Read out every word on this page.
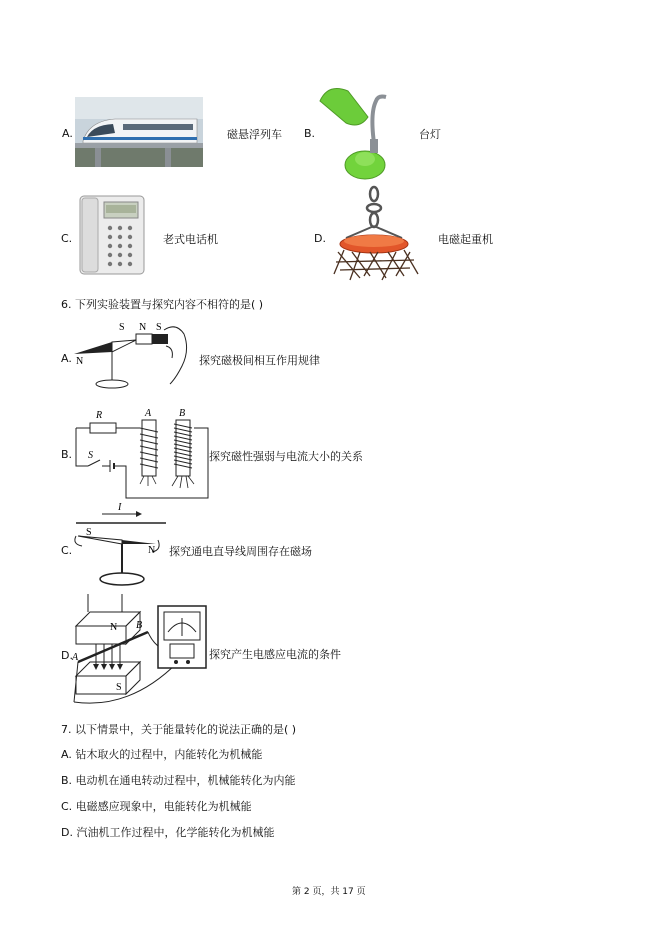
A.	磁悬浮列车 B.	台灯
C.	老式电话机	D.	电磁起重机
6. 下列实验装置与探究内容不相符的是( )
A.
S N S
N	探究磁极间相互作用规律
B.
R	A	B
S	探究磁性强弱与电流大小的关系
C.
I
S
N 探究通电直导线周围存在磁场
D.
N B
A
S
探究产生电感应电流的条件
7. 以下情景中，关于能量转化的说法正确的是( )
A. 钻木取火的过程中，内能转化为机械能
B. 电动机在通电转动过程中，机械能转化为内能
C. 电磁感应现象中，电能转化为机械能
D. 汽油机工作过程中，化学能转化为机械能
第 2 页，共 17 页
